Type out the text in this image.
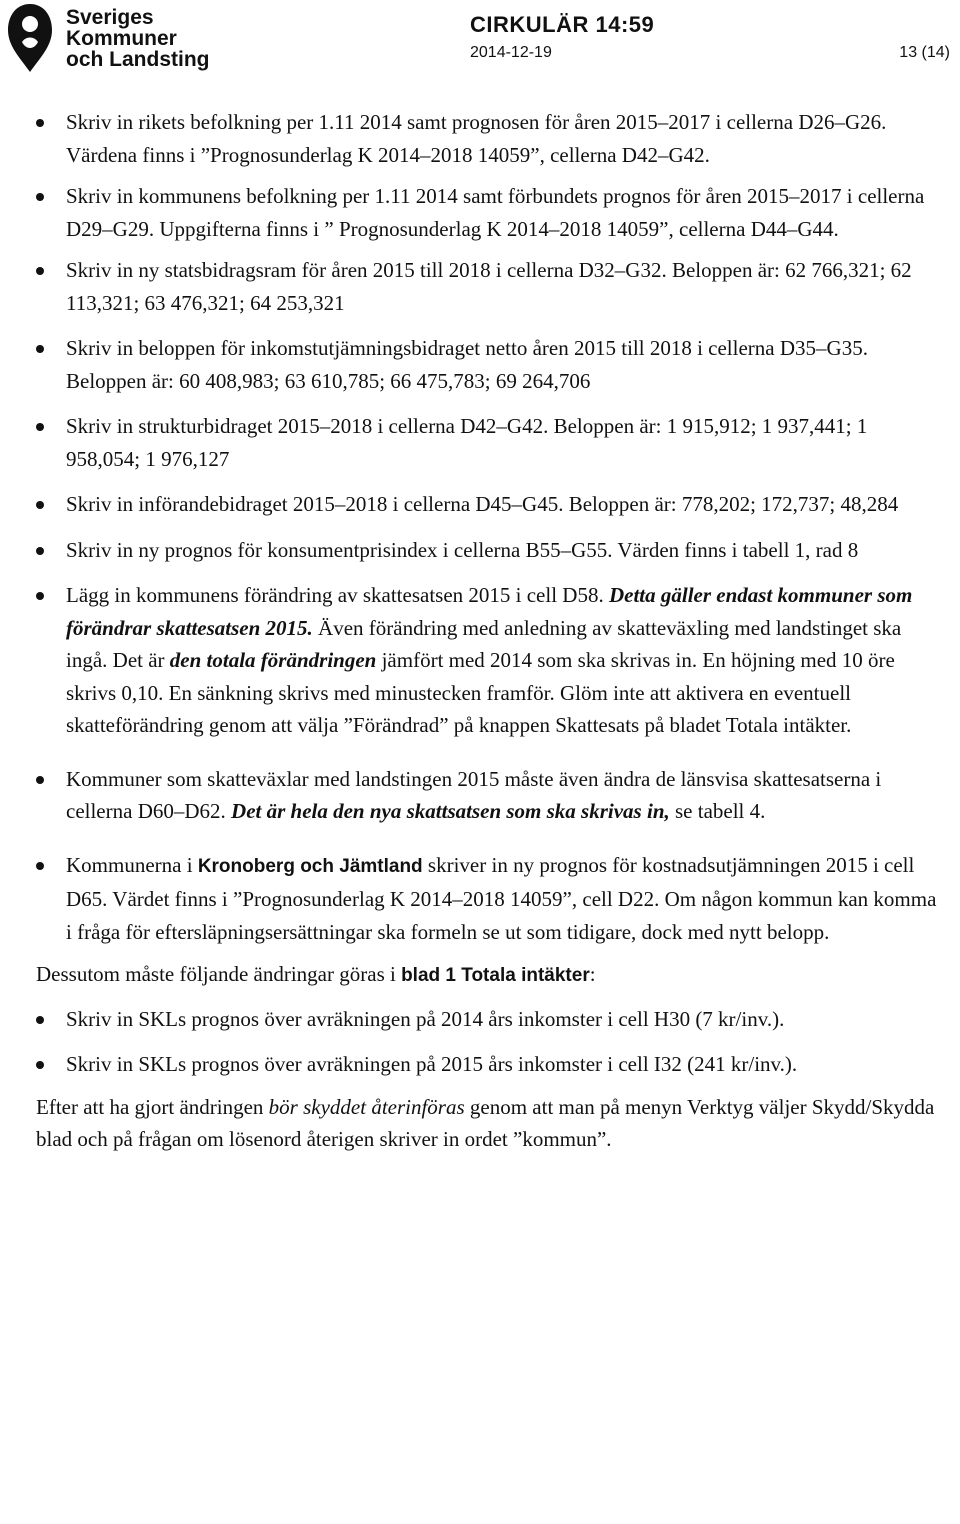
Sveriges
Kommuner
och Landsting
CIRKULÄR 14:59
2014-12-19	13 (14)
Skriv in rikets befolkning per 1.11 2014 samt prognosen för åren 2015–2017 i cellerna D26–G26. Värdena finns i ”Prognosunderlag K 2014–2018 14059”, cellerna D42–G42.
Skriv in kommunens befolkning per 1.11 2014 samt förbundets prognos för åren 2015–2017 i cellerna D29–G29. Uppgifterna finns i ” Prognosunderlag K 2014–2018 14059”, cellerna D44–G44.
Skriv in ny statsbidragsram för åren 2015 till 2018 i cellerna D32–G32. Beloppen är: 62 766,321; 62 113,321; 63 476,321; 64 253,321
Skriv in beloppen för inkomstutjämningsbidraget netto åren 2015 till 2018 i cellerna D35–G35. Beloppen är: 60 408,983; 63 610,785; 66 475,783; 69 264,706
Skriv in strukturbidraget 2015–2018 i cellerna D42–G42. Beloppen är: 1 915,912; 1 937,441; 1 958,054; 1 976,127
Skriv in införandebidraget 2015–2018 i cellerna D45–G45. Beloppen är: 778,202; 172,737; 48,284
Skriv in ny prognos för konsumentprisindex i cellerna B55–G55. Värden finns i tabell 1, rad 8
Lägg in kommunens förändring av skattesatsen 2015 i cell D58. Detta gäller endast kommuner som förändrar skattesatsen 2015. Även förändring med anledning av skatteväxling med landstinget ska ingå. Det är den totala förändringen jämfört med 2014 som ska skrivas in. En höjning med 10 öre skrivs 0,10. En sänkning skrivs med minustecken framför. Glöm inte att aktivera en eventuell skatteförändring genom att välja ”Förändrad” på knappen Skattesats på bladet Totala intäkter.
Kommuner som skatteväxlar med landstingen 2015 måste även ändra de länsvisa skattesatserna i cellerna D60–D62. Det är hela den nya skattsatsen som ska skrivas in, se tabell 4.
Kommunerna i Kronoberg och Jämtland skriver in ny prognos för kostnadsutjämningen 2015 i cell D65. Värdet finns i ”Prognosunderlag K 2014–2018 14059”, cell D22. Om någon kommun kan komma i fråga för eftersläpningsersättningar ska formeln se ut som tidigare, dock med nytt belopp.

Dessutom måste följande ändringar göras i blad 1 Totala intäkter:

Skriv in SKLs prognos över avräkningen på 2014 års inkomster i cell H30 (7 kr/inv.).
Skriv in SKLs prognos över avräkningen på 2015 års inkomster i cell I32 (241 kr/inv.).

Efter att ha gjort ändringen bör skyddet återinföras genom att man på menyn Verktyg väljer Skydd/Skydda blad och på frågan om lösenord återigen skriver in ordet ”kommun”.
